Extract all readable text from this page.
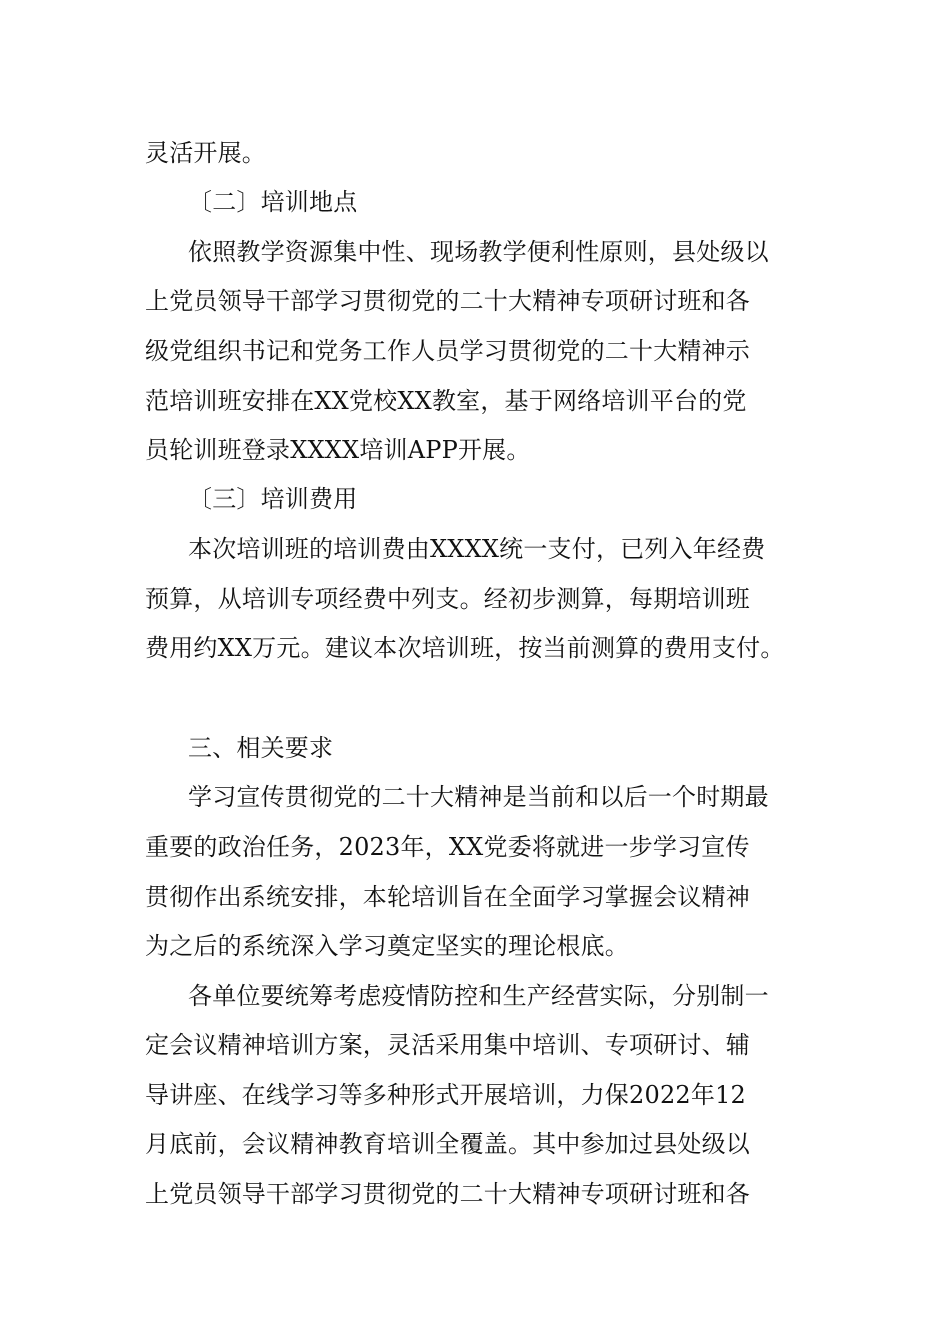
灵活开展。
〔二〕培训地点
依照教学资源集中性、现场教学便利性原则，县处级以
上党员领导干部学习贯彻党的二十大精神专项研讨班和各
级党组织书记和党务工作人员学习贯彻党的二十大精神示
范培训班安排在XX党校XX教室，基于网络培训平台的党
员轮训班登录XXXX培训APP开展。
〔三〕培训费用
本次培训班的培训费由XXXX统一支付，已列入年经费
预算，从培训专项经费中列支。经初步测算，每期培训班
费用约XX万元。建议本次培训班，按当前测算的费用支付。
三、相关要求
学习宣传贯彻党的二十大精神是当前和以后一个时期最
重要的政治任务，2023年，XX党委将就进一步学习宣传
贯彻作出系统安排，本轮培训旨在全面学习掌握会议精神
为之后的系统深入学习奠定坚实的理论根底。
各单位要统筹考虑疫情防控和生产经营实际，分别制一
定会议精神培训方案，灵活采用集中培训、专项研讨、辅
导讲座、在线学习等多种形式开展培训，力保2022年12
月底前，会议精神教育培训全覆盖。其中参加过县处级以
上党员领导干部学习贯彻党的二十大精神专项研讨班和各
